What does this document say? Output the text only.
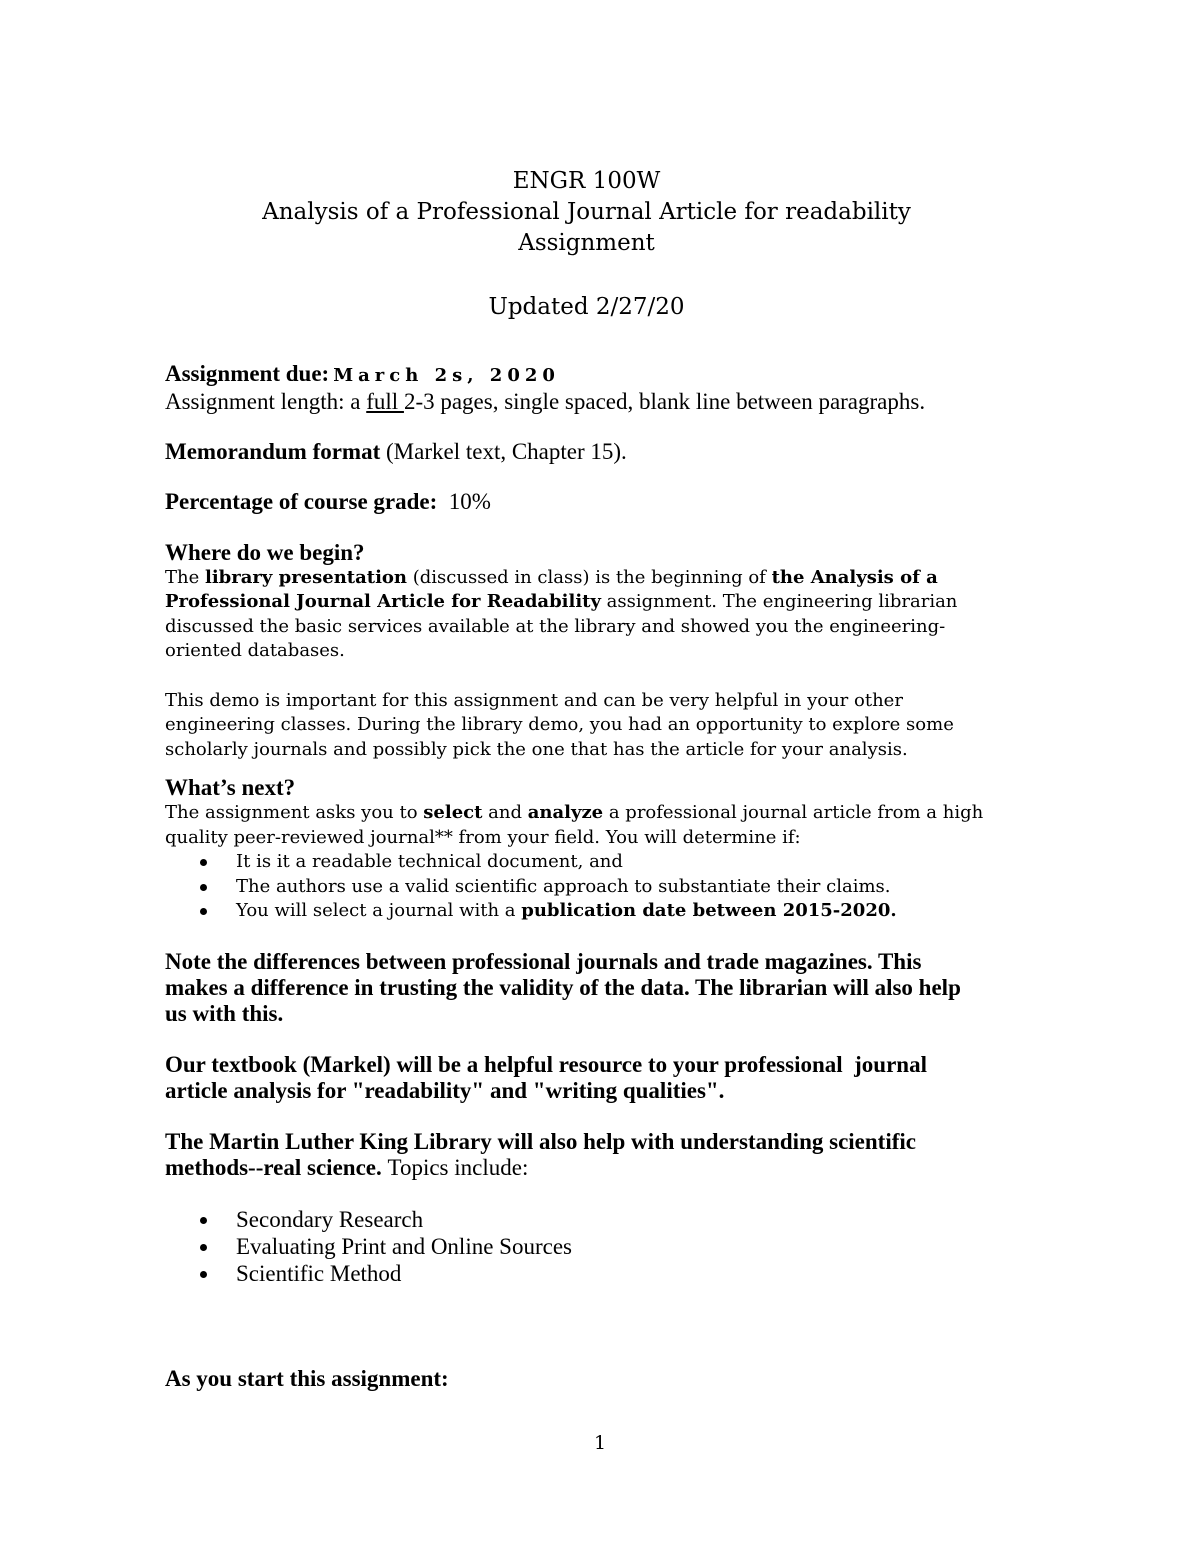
ENGR 100W
Analysis of a Professional Journal Article for readability
Assignment
Updated 2/27/20
Assignment due: March 2s, 2020
Assignment length: a full 2-3 pages, single spaced, blank line between paragraphs.
Memorandum format (Markel text, Chapter 15).
Percentage of course grade:  10%
Where do we begin?
The library presentation (discussed in class) is the beginning of the Analysis of a
Professional Journal Article for Readability assignment. The engineering librarian
discussed the basic services available at the library and showed you the engineering-
oriented databases.
This demo is important for this assignment and can be very helpful in your other
engineering classes. During the library demo, you had an opportunity to explore some
scholarly journals and possibly pick the one that has the article for your analysis.
What’s next?
The assignment asks you to select and analyze a professional journal article from a high
quality peer-reviewed journal** from your field. You will determine if:
It is it a readable technical document, and
The authors use a valid scientific approach to substantiate their claims.
You will select a journal with a publication date between 2015-2020.
Note the differences between professional journals and trade magazines. This
makes a difference in trusting the validity of the data. The librarian will also help
us with this.
Our textbook (Markel) will be a helpful resource to your professional  journal
article analysis for "readability" and "writing qualities".
The Martin Luther King Library will also help with understanding scientific
methods--real science. Topics include:
Secondary Research
Evaluating Print and Online Sources
Scientific Method
As you start this assignment:
1
